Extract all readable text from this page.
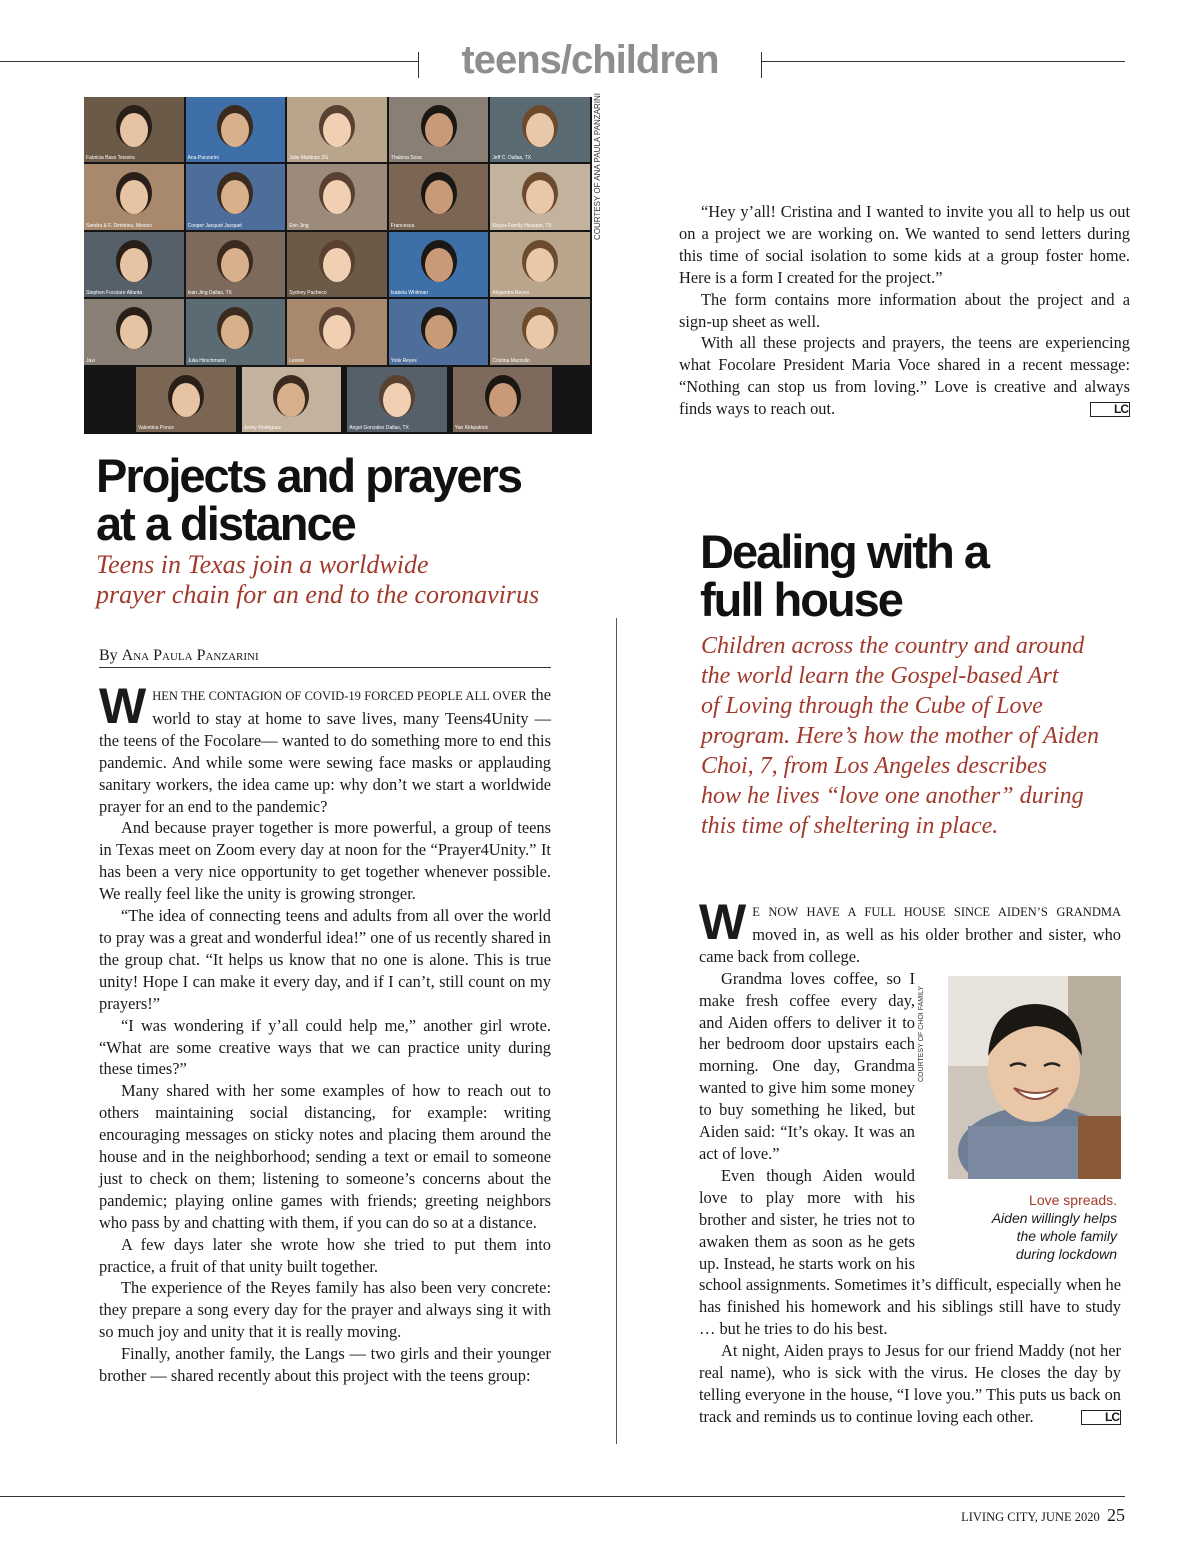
teens/children
Fabricia Bass Teixeira	Ana Panzarini	Julie Martinez 2G	Thalena Sosa	Jeff C. Dallas, TX
Sandra & F. Dimitriou, Mexico	Cooper Jacquot Jacquet	Erin Jing	Francesca	Reyes Family Houston, TX
Stephen Focolare Atlanta	Ivan Jing Dallas, TX	Sydney Pacheco	Isabela Whitman	Alejandra Reyes
Javi	Julia Hirschmann	Leonie	Yolis Reyes	Cristina Marzullo
Valentina Ponce	Jenny Rodriguez	Angel Gonzalez Dallas, TX	Yan Kirkpatrick
COURTESY OF ANA PAULA PANZARINI
Projects and prayers
at a distance
Teens in Texas join a worldwide
prayer chain for an end to the coronavirus
By Ana Paula Panzarini

WHEN THE CONTAGION OF COVID-19 FORCED PEOPLE ALL OVER the world to stay at home to save lives, many Teens4Unity — the teens of the Focolare— wanted to do something more to end this pandemic. And while some were sewing face masks or applauding sanitary workers, the idea came up: why don’t we start a worldwide prayer for an end to the pandemic?

And because prayer together is more powerful, a group of teens in Texas meet on Zoom every day at noon for the “Prayer4Unity.” It has been a very nice opportunity to get together whenever possible. We really feel like the unity is growing stronger.

“The idea of connecting teens and adults from all over the world to pray was a great and wonderful idea!” one of us recently shared in the group chat. “It helps us know that no one is alone. This is true unity! Hope I can make it every day, and if I can’t, still count on my prayers!”

“I was wondering if y’all could help me,” another girl wrote. “What are some creative ways that we can practice unity during these times?”

Many shared with her some examples of how to reach out to others maintaining social distancing, for example: writing encouraging messages on sticky notes and placing them around the house and in the neighborhood; sending a text or email to someone just to check on them; listening to someone’s concerns about the pandemic; playing online games with friends; greeting neighbors who pass by and chatting with them, if you can do so at a distance.

A few days later she wrote how she tried to put them into practice, a fruit of that unity built together.

The experience of the Reyes family has also been very concrete: they prepare a song every day for the prayer and always sing it with so much joy and unity that it is really moving.

Finally, another family, the Langs — two girls and their younger brother — shared recently about this project with the teens group:

“Hey y’all! Cristina and I wanted to invite you all to help us out on a project we are working on. We wanted to send letters during this time of social isolation to some kids at a group foster home. Here is a form I created for the project.”

The form contains more information about the project and a sign-up sheet as well.

With all these projects and prayers, the teens are experiencing what Focolare President Maria Voce shared in a recent message: “Nothing can stop us from loving.” Love is creative and always finds ways to reach out.	LC

Dealing with a
full house
Children across the country and around
the world learn the Gospel-based Art
of Loving through the Cube of Love
program. Here’s how the mother of Aiden
Choi, 7, from Los Angeles describes
how he lives “love one another” during
this time of sheltering in place.

WE NOW HAVE A FULL HOUSE SINCE AIDEN’S GRANDMA moved in, as well as his older brother and sister, who came back from college.

COURTESY OF CHOI FAMILY
Love spreads.
Aiden willingly helps
the whole family
during lockdown

Grandma loves coffee, so I make fresh coffee every day, and Aiden offers to deliver it to her bedroom door upstairs each morning. One day, Grandma wanted to give him some money to buy something he liked, but Aiden said: “It’s okay. It was an act of love.”

Even though Aiden would love to play more with his brother and sister, he tries not to awaken them as soon as he gets up. Instead, he starts work on his school assignments. Sometimes it’s difficult, especially when he has finished his homework and his siblings still have to study … but he tries to do his best.

At night, Aiden prays to Jesus for our friend Maddy (not her real name), who is sick with the virus. He closes the day by telling everyone in the house, “I love you.” This puts us back on track and reminds us to continue loving each other.	LC

LIVING CITY, JUNE 2020 25
